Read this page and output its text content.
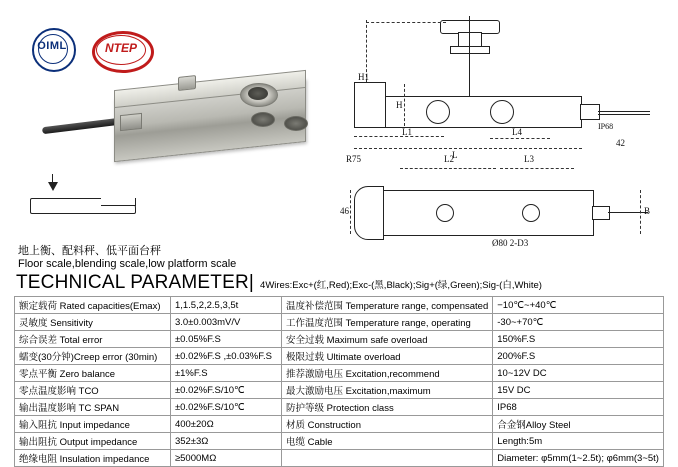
OIML	NTEP
H1
H
L1	L4
L
IP68
42
R75	L2	L3
46	B
Ø80 2-D3
地上衡、配料秤、低平面台秤
Floor scale,blending scale,low platform scale
TECHNICAL PARAMETER| 4Wires:Exc+(红,Red);Exc-(黑,Black);Sig+(绿,Green);Sig-(白,White)
额定载荷 Rated capacities(Emax)	1,1.5,2,2.5,3,5t	温度补偿范围 Temperature range, compensated	−10℃~+40℃
灵敏度 Sensitivity	3.0±0.003mV/V	工作温度范围 Temperature range, operating	-30~+70℃
综合误差 Total error	±0.05%F.S	安全过载 Maximum safe overload	150%F.S
蠕变(30分钟)Creep error (30min)	±0.02%F.S ,±0.03%F.S	极限过载 Ultimate overload	200%F.S
零点平衡 Zero balance	±1%F.S	推荐激励电压 Excitation,recommend	10~12V DC
零点温度影响 TCO	±0.02%F.S/10℃	最大激励电压 Excitation,maximum	15V DC
输出温度影响 TC SPAN	±0.02%F.S/10℃	防护等级 Protection class	IP68
输入阻抗 Input impedance	400±20Ω	材质 Construction	合金钢Alloy Steel
输出阻抗 Output impedance	352±3Ω	电缆 Cable	Length:5m
绝缘电阻 Insulation impedance	≥5000MΩ		Diameter: φ5mm(1~2.5t); φ6mm(3~5t)
